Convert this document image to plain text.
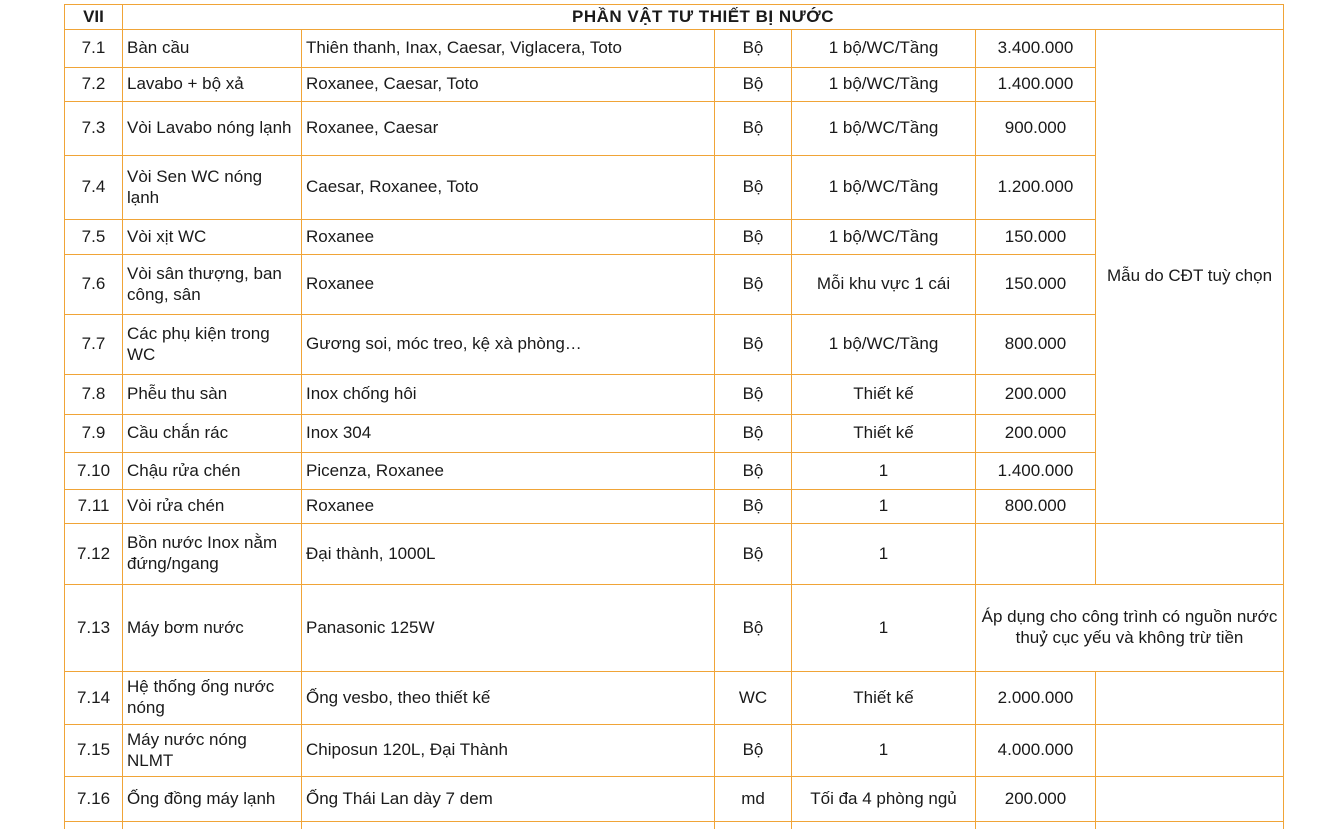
VII	PHẦN VẬT TƯ THIẾT BỊ NƯỚC					
7.1	Bàn cầu	Thiên thanh, Inax, Caesar, Viglacera, Toto	Bộ	1 bộ/WC/Tầng	3.400.000	Mẫu do CĐT tuỳ chọn
7.2	Lavabo + bộ xả	Roxanee, Caesar, Toto	Bộ	1 bộ/WC/Tầng	1.400.000	
7.3	Vòi Lavabo nóng lạnh	Roxanee, Caesar	Bộ	1 bộ/WC/Tầng	900.000	
7.4	Vòi Sen WC nóng lạnh	Caesar, Roxanee, Toto	Bộ	1 bộ/WC/Tầng	1.200.000	
7.5	Vòi xịt WC	Roxanee	Bộ	1 bộ/WC/Tầng	150.000	
7.6	Vòi sân thượng, ban công, sân	Roxanee	Bộ	Mỗi khu vực 1 cái	150.000	
7.7	Các phụ kiện trong WC	Gương soi, móc treo, kệ xà phòng…	Bộ	1 bộ/WC/Tầng	800.000	
7.8	Phễu thu sàn	Inox chống hôi	Bộ	Thiết kế	200.000	
7.9	Cầu chắn rác	Inox 304	Bộ	Thiết kế	200.000	
7.10	Chậu rửa chén	Picenza, Roxanee	Bộ	1	1.400.000	
7.11	Vòi rửa chén	Roxanee	Bộ	1	800.000	
7.12	Bồn nước Inox nằm đứng/ngang	Đại thành, 1000L	Bộ	1		
7.13	Máy bơm nước	Panasonic 125W	Bộ	1	Áp dụng cho công trình có nguồn nước thuỷ cục yếu và không trừ tiền	
7.14	Hệ thống ống nước nóng	Ống vesbo, theo thiết kế	WC	Thiết kế	2.000.000	
7.15	Máy nước nóng NLMT	Chiposun 120L, Đại Thành	Bộ	1	4.000.000	
7.16	Ống đồng máy lạnh	Ống Thái Lan dày 7 dem	md	Tối đa 4 phòng ngủ	200.000	
